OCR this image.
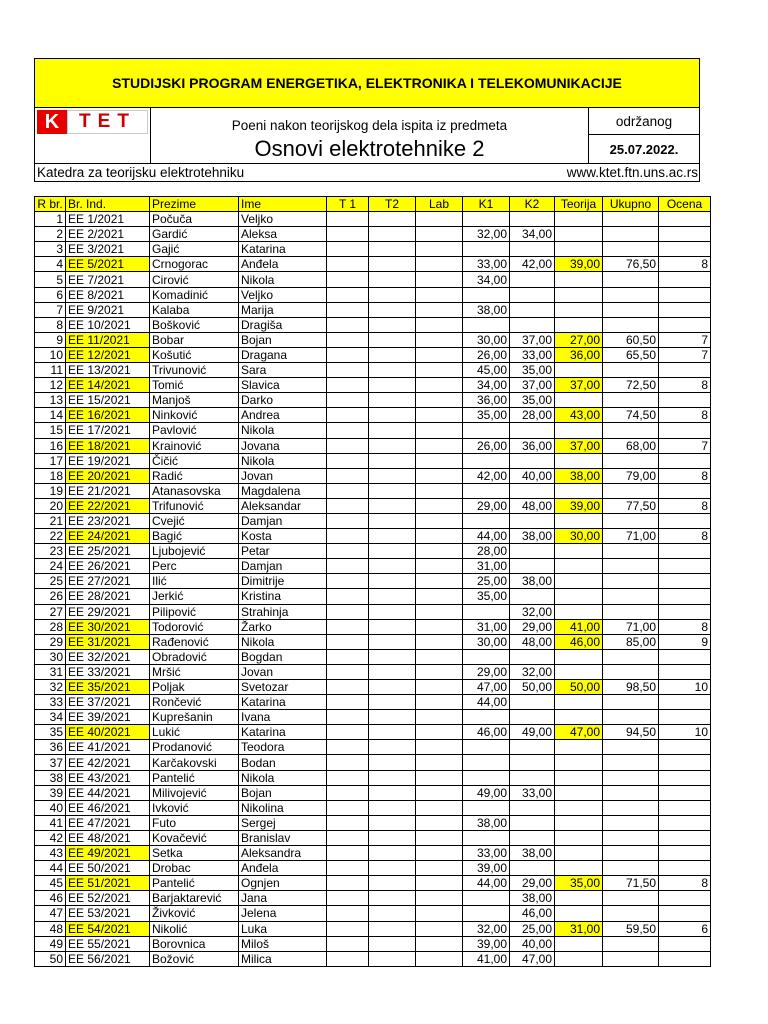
STUDIJSKI PROGRAM ENERGETIKA, ELEKTRONIKA I TELEKOMUNIKACIJE
K	TET	Poeni nakon teorijskog dela ispita iz predmeta
Osnovi elektrotehnike 2
održanog
25.07.2022.
Katedra za teorijsku elektrotehniku	www.ktet.ftn.uns.ac.rs
R br.	Br. Ind.	Prezime	Ime	T 1	T2	Lab	K1	K2	Teorija	Ukupno	Ocena
1	EE 1/2021	Počuča	Veljko								
2	EE 2/2021	Gardić	Aleksa				32,00	34,00			
3	EE 3/2021	Gajić	Katarina								
4	EE 5/2021	Crnogorac	Anđela				33,00	42,00	39,00	76,50	8
5	EE 7/2021	Cirović	Nikola				34,00				
6	EE 8/2021	Komadinić	Veljko								
7	EE 9/2021	Kalaba	Marija				38,00				
8	EE 10/2021	Bošković	Dragiša								
9	EE 11/2021	Bobar	Bojan				30,00	37,00	27,00	60,50	7
10	EE 12/2021	Košutić	Dragana				26,00	33,00	36,00	65,50	7
11	EE 13/2021	Trivunović	Sara				45,00	35,00			
12	EE 14/2021	Tomić	Slavica				34,00	37,00	37,00	72,50	8
13	EE 15/2021	Manjoš	Darko				36,00	35,00			
14	EE 16/2021	Ninković	Andrea				35,00	28,00	43,00	74,50	8
15	EE 17/2021	Pavlović	Nikola								
16	EE 18/2021	Krainović	Jovana				26,00	36,00	37,00	68,00	7
17	EE 19/2021	Čičić	Nikola								
18	EE 20/2021	Radić	Jovan				42,00	40,00	38,00	79,00	8
19	EE 21/2021	Atanasovska	Magdalena								
20	EE 22/2021	Trifunović	Aleksandar				29,00	48,00	39,00	77,50	8
21	EE 23/2021	Cvejić	Damjan								
22	EE 24/2021	Bagić	Kosta				44,00	38,00	30,00	71,00	8
23	EE 25/2021	Ljubojević	Petar				28,00				
24	EE 26/2021	Perc	Damjan				31,00				
25	EE 27/2021	Ilić	Dimitrije				25,00	38,00			
26	EE 28/2021	Jerkić	Kristina				35,00				
27	EE 29/2021	Pilipović	Strahinja					32,00			
28	EE 30/2021	Todorović	Žarko				31,00	29,00	41,00	71,00	8
29	EE 31/2021	Rađenović	Nikola				30,00	48,00	46,00	85,00	9
30	EE 32/2021	Obradović	Bogdan								
31	EE 33/2021	Mršić	Jovan				29,00	32,00			
32	EE 35/2021	Poljak	Svetozar				47,00	50,00	50,00	98,50	10
33	EE 37/2021	Rončević	Katarina				44,00				
34	EE 39/2021	Kuprešanin	Ivana								
35	EE 40/2021	Lukić	Katarina				46,00	49,00	47,00	94,50	10
36	EE 41/2021	Prodanović	Teodora								
37	EE 42/2021	Karčakovski	Bodan								
38	EE 43/2021	Pantelić	Nikola								
39	EE 44/2021	Milivojević	Bojan				49,00	33,00			
40	EE 46/2021	Ivković	Nikolina								
41	EE 47/2021	Futo	Sergej				38,00				
42	EE 48/2021	Kovačević	Branislav								
43	EE 49/2021	Setka	Aleksandra				33,00	38,00			
44	EE 50/2021	Drobac	Anđela				39,00				
45	EE 51/2021	Pantelić	Ognjen				44,00	29,00	35,00	71,50	8
46	EE 52/2021	Barjaktarević	Jana					38,00			
47	EE 53/2021	Živković	Jelena					46,00			
48	EE 54/2021	Nikolić	Luka				32,00	25,00	31,00	59,50	6
49	EE 55/2021	Borovnica	Miloš				39,00	40,00			
50	EE 56/2021	Božović	Milica				41,00	47,00			
